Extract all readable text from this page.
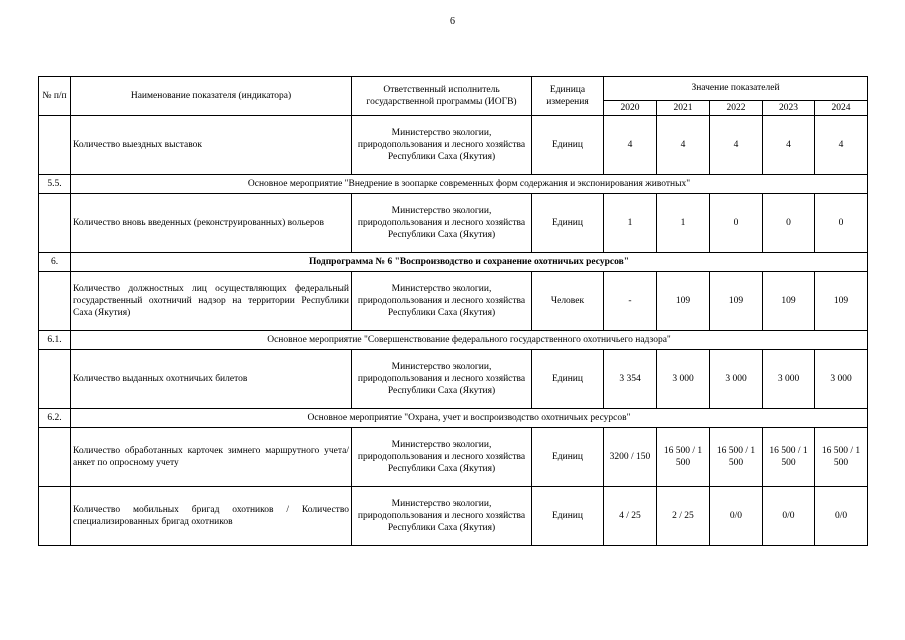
6
№ п/п	Наименование показателя (индикатора)	Ответственный исполнитель государственной программы (ИОГВ)	Единица измерения	Значение показателей				
				2020	2021	2022	2023	2024
	Количество выездных выставок	Министерство экологии, природопользования и лесного хозяйства Республики Саха (Якутия)	Единиц	4	4	4	4	4
5.5.	Основное мероприятие "Внедрение в зоопарке современных форм содержания и экспонирования животных"							
	Количество вновь введенных (реконструированных) вольеров	Министерство экологии, природопользования и лесного хозяйства Республики Саха (Якутия)	Единиц	1	1	0	0	0
6.	Подпрограмма № 6 "Воспроизводство и сохранение охотничьих ресурсов"							
	Количество должностных лиц осуществляющих федеральный государственный охотничий надзор на территории Республики Саха (Якутия)	Министерство экологии, природопользования и лесного хозяйства Республики Саха (Якутия)	Человек	-	109	109	109	109
6.1.	Основное мероприятие "Совершенствование федерального государственного охотничьего надзора"							
	Количество выданных охотничьих билетов	Министерство экологии, природопользования и лесного хозяйства Республики Саха (Якутия)	Единиц	3 354	3 000	3 000	3 000	3 000
6.2.	Основное мероприятие "Охрана, учет и воспроизводство охотничьих ресурсов"							
	Количество обработанных карточек зимнего маршрутного учета/анкет по опросному учету	Министерство экологии, природопользования и лесного хозяйства Республики Саха (Якутия)	Единиц	3200 / 150	16 500 / 1 500	16 500 / 1 500	16 500 / 1 500	16 500 / 1 500
	Количество мобильных бригад охотников / Количество специализированных бригад охотников	Министерство экологии, природопользования и лесного хозяйства Республики Саха (Якутия)	Единиц	4 / 25	2 / 25	0/0	0/0	0/0
